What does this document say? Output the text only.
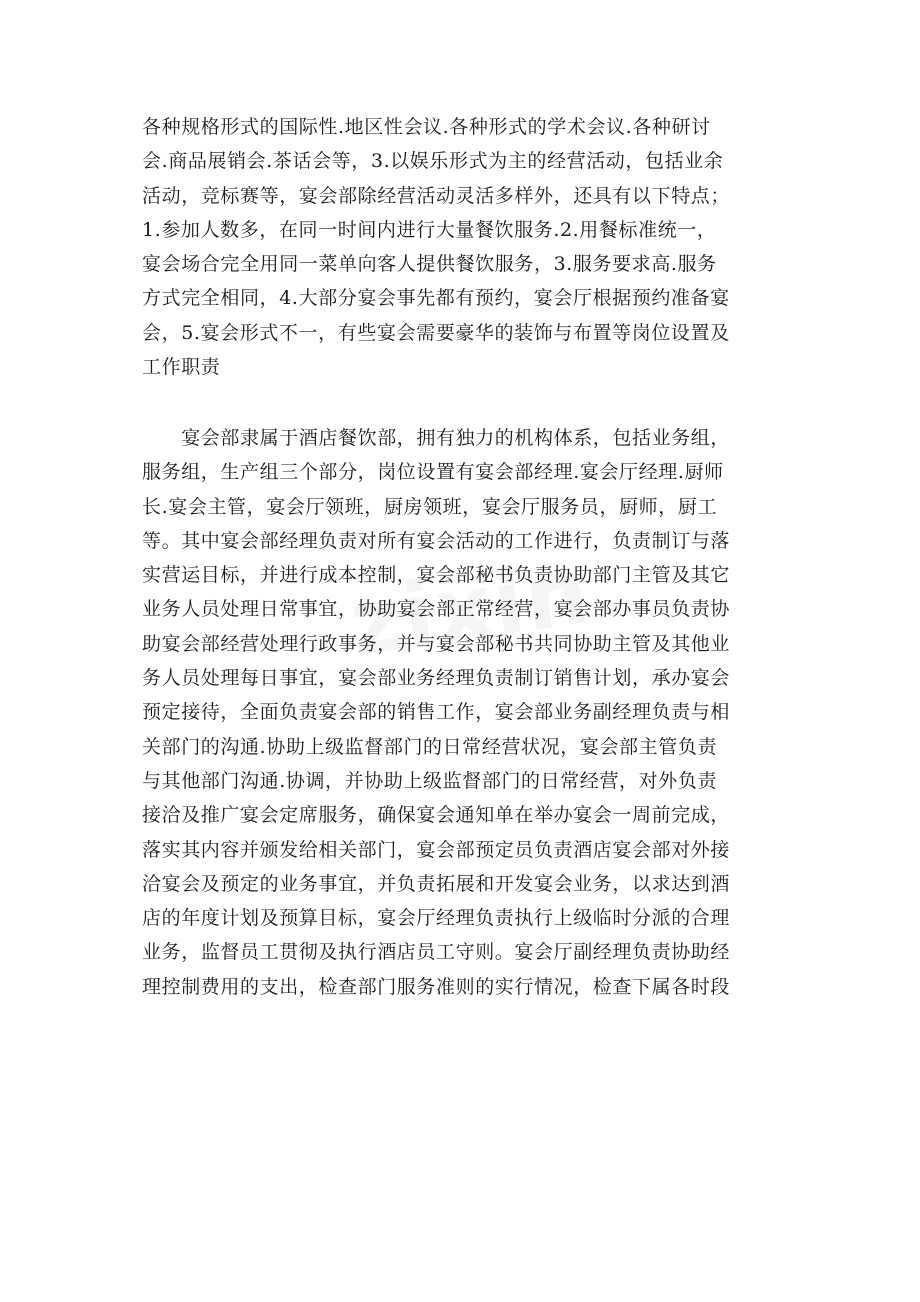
各种规格形式的国际性.地区性会议.各种形式的学术会议.各种研讨
会.商品展销会.茶话会等，3.以娱乐形式为主的经营活动，包括业余
活动，竞标赛等，宴会部除经营活动灵活多样外，还具有以下特点；
1.参加人数多，在同一时间内进行大量餐饮服务.2.用餐标准统一，
宴会场合完全用同一菜单向客人提供餐饮服务，3.服务要求高.服务
方式完全相同，4.大部分宴会事先都有预约，宴会厅根据预约准备宴
会，5.宴会形式不一，有些宴会需要豪华的装饰与布置等岗位设置及
工作职责
　　宴会部隶属于酒店餐饮部，拥有独力的机构体系，包括业务组，
服务组，生产组三个部分，岗位设置有宴会部经理.宴会厅经理.厨师
长.宴会主管，宴会厅领班，厨房领班，宴会厅服务员，厨师，厨工
等。其中宴会部经理负责对所有宴会活动的工作进行，负责制订与落
实营运目标，并进行成本控制，宴会部秘书负责协助部门主管及其它
业务人员处理日常事宜，协助宴会部正常经营，宴会部办事员负责协
助宴会部经营处理行政事务，并与宴会部秘书共同协助主管及其他业
务人员处理每日事宜，宴会部业务经理负责制订销售计划，承办宴会
预定接待，全面负责宴会部的销售工作，宴会部业务副经理负责与相
关部门的沟通.协助上级监督部门的日常经营状况，宴会部主管负责
与其他部门沟通.协调，并协助上级监督部门的日常经营，对外负责
接洽及推广宴会定席服务，确保宴会通知单在举办宴会一周前完成，
落实其内容并颁发给相关部门，宴会部预定员负责酒店宴会部对外接
洽宴会及预定的业务事宜，并负责拓展和开发宴会业务，以求达到酒
店的年度计划及预算目标，宴会厅经理负责执行上级临时分派的合理
业务，监督员工贯彻及执行酒店员工守则。宴会厅副经理负责协助经
理控制费用的支出，检查部门服务准则的实行情况，检查下属各时段
